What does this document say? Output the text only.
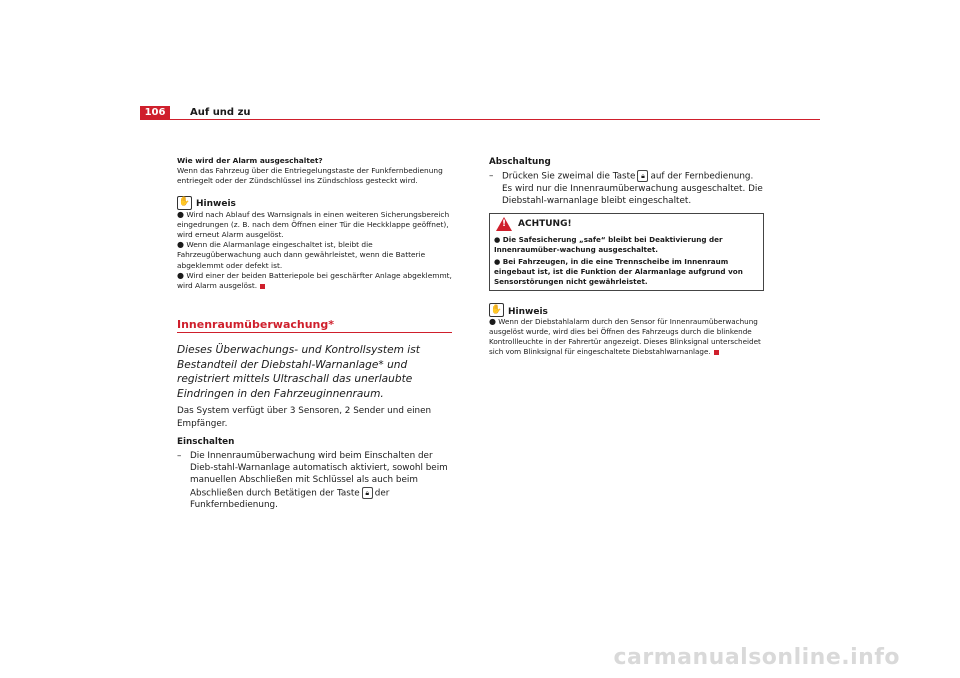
106	Auf und zu

Wie wird der Alarm ausgeschaltet?

Wenn das Fahrzeug über die Entriegelungstaste der Funkfernbedienung entriegelt oder der Zündschlüssel ins Zündschloss gesteckt wird.

✋ Hinweis

● Wird nach Ablauf des Warnsignals in einen weiteren Sicherungsbereich eingedrungen (z. B. nach dem Öffnen einer Tür die Heckklappe geöffnet), wird erneut Alarm ausgelöst.

● Wenn die Alarmanlage eingeschaltet ist, bleibt die Fahrzeugüberwachung auch dann gewährleistet, wenn die Batterie abgeklemmt oder defekt ist.

● Wird einer der beiden Batteriepole bei geschärfter Anlage abgeklemmt, wird Alarm ausgelöst.

Innenraumüberwachung*
Dieses Überwachungs- und Kontrollsystem ist Bestandteil der Diebstahl-Warnanlage* und registriert mittels Ultraschall das unerlaubte Eindringen in den Fahrzeuginnenraum.

Das System verfügt über 3 Sensoren, 2 Sender und einen Empfänger.

Einschalten

– Die Innenraumüberwachung wird beim Einschalten der Dieb-stahl-Warnanlage automatisch aktiviert, sowohl beim manuellen Abschließen mit Schlüssel als auch beim Abschließen durch Betätigen der Taste 🔒︎ der Funkfernbedienung.

Abschaltung

– Drücken Sie zweimal die Taste 🔒︎ auf der Fernbedienung. Es wird nur die Innenraumüberwachung ausgeschaltet. Die Diebstahl-warnanlage bleibt eingeschaltet.
! ACHTUNG!

● Die Safesicherung „safe“ bleibt bei Deaktivierung der Innenraumüber-wachung ausgeschaltet.

● Bei Fahrzeugen, in die eine Trennscheibe im Innenraum eingebaut ist, ist die Funktion der Alarmanlage aufgrund von Sensorstörungen nicht gewährleistet.

✋ Hinweis

● Wenn der Diebstahlalarm durch den Sensor für Innenraumüberwachung ausgelöst wurde, wird dies bei Öffnen des Fahrzeugs durch die blinkende Kontrollleuchte in der Fahrertür angezeigt. Dieses Blinksignal unterscheidet sich vom Blinksignal für eingeschaltete Diebstahlwarnanlage.

carmanualsonline.info
